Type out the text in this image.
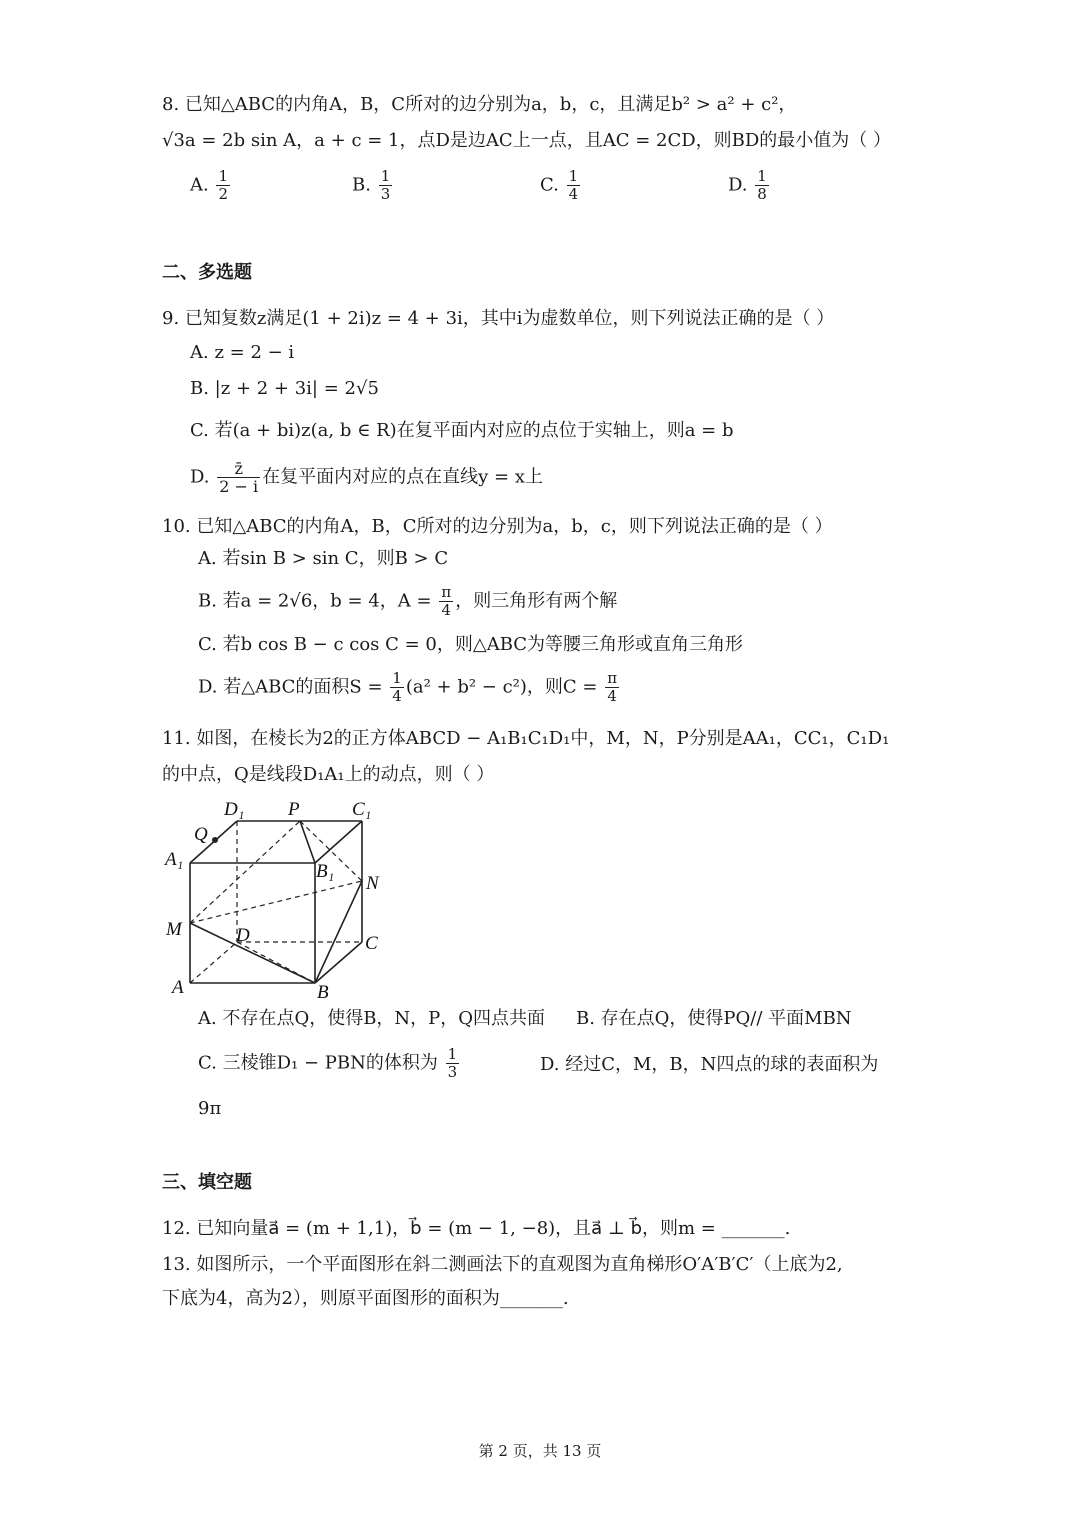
8. 已知△ABC的内角A，B，C所对的边分别为a，b，c，且满足b² > a² + c²，
√3a = 2b sin A，a + c = 1，点D是边AC上一点，且AC = 2CD，则BD的最小值为（ ）
A. $\frac{1}{2}$	B. $\frac{1}{3}$	C. $\frac{1}{4}$	D. $\frac{1}{8}$
二、多选题
9. 已知复数z满足(1 + 2i)z = 4 + 3i，其中i为虚数单位，则下列说法正确的是（ ）
A. z = 2 − i
B. |z + 2 + 3i| = 2√5
C. 若(a + bi)z(a, b ∈ R)在复平面内对应的点位于实轴上，则a = b
D. $\frac{z̄}{2 - i}$ 在复平面内对应的点在直线y = x上
10. 已知△ABC的内角A，B，C所对的边分别为a，b，c，则下列说法正确的是（ ）
A. 若sin B > sin C，则B > C
B. 若a = 2√6，b = 4，$A = \frac{\pi}{4}$ ，则三角形有两个解
C. 若b cos B − c cos C = 0，则△ABC为等腰三角形或直角三角形
D. 若△ABC的面积$S = \frac{1}{4} (a^2 + b^2 - c^2)$，则$C = \frac{\pi}{4}$
11. 如图，在棱长为2的正方体ABCD − A₁B₁C₁D₁中，M，N，P分别是AA₁，CC₁，C₁D₁
的中点，Q是线段D₁A₁上的动点，则（ ）
D₁ P	C₁
Q
A₁
B₁
N
M	D	C
A	B
A. 不存在点Q，使得B，N，P，Q四点共面 B. 存在点Q，使得PQ// 平面MBN
C. 三棱锥D₁ − PBN的体积为 $\frac{1}{3}$	D. 经过C，M，B，N四点的球的表面积为
9π
三、填空题
12. 已知向量a⃗ = (m + 1,1)，b⃗ = (m − 1, −8)，且a⃗ ⊥ b⃗，则m = _______.
13. 如图所示，一个平面图形在斜二测画法下的直观图为直角梯形O′A′B′C′（上底为2,
下底为4，高为2），则原平面图形的面积为_______.
第 2 页，共 13 页
